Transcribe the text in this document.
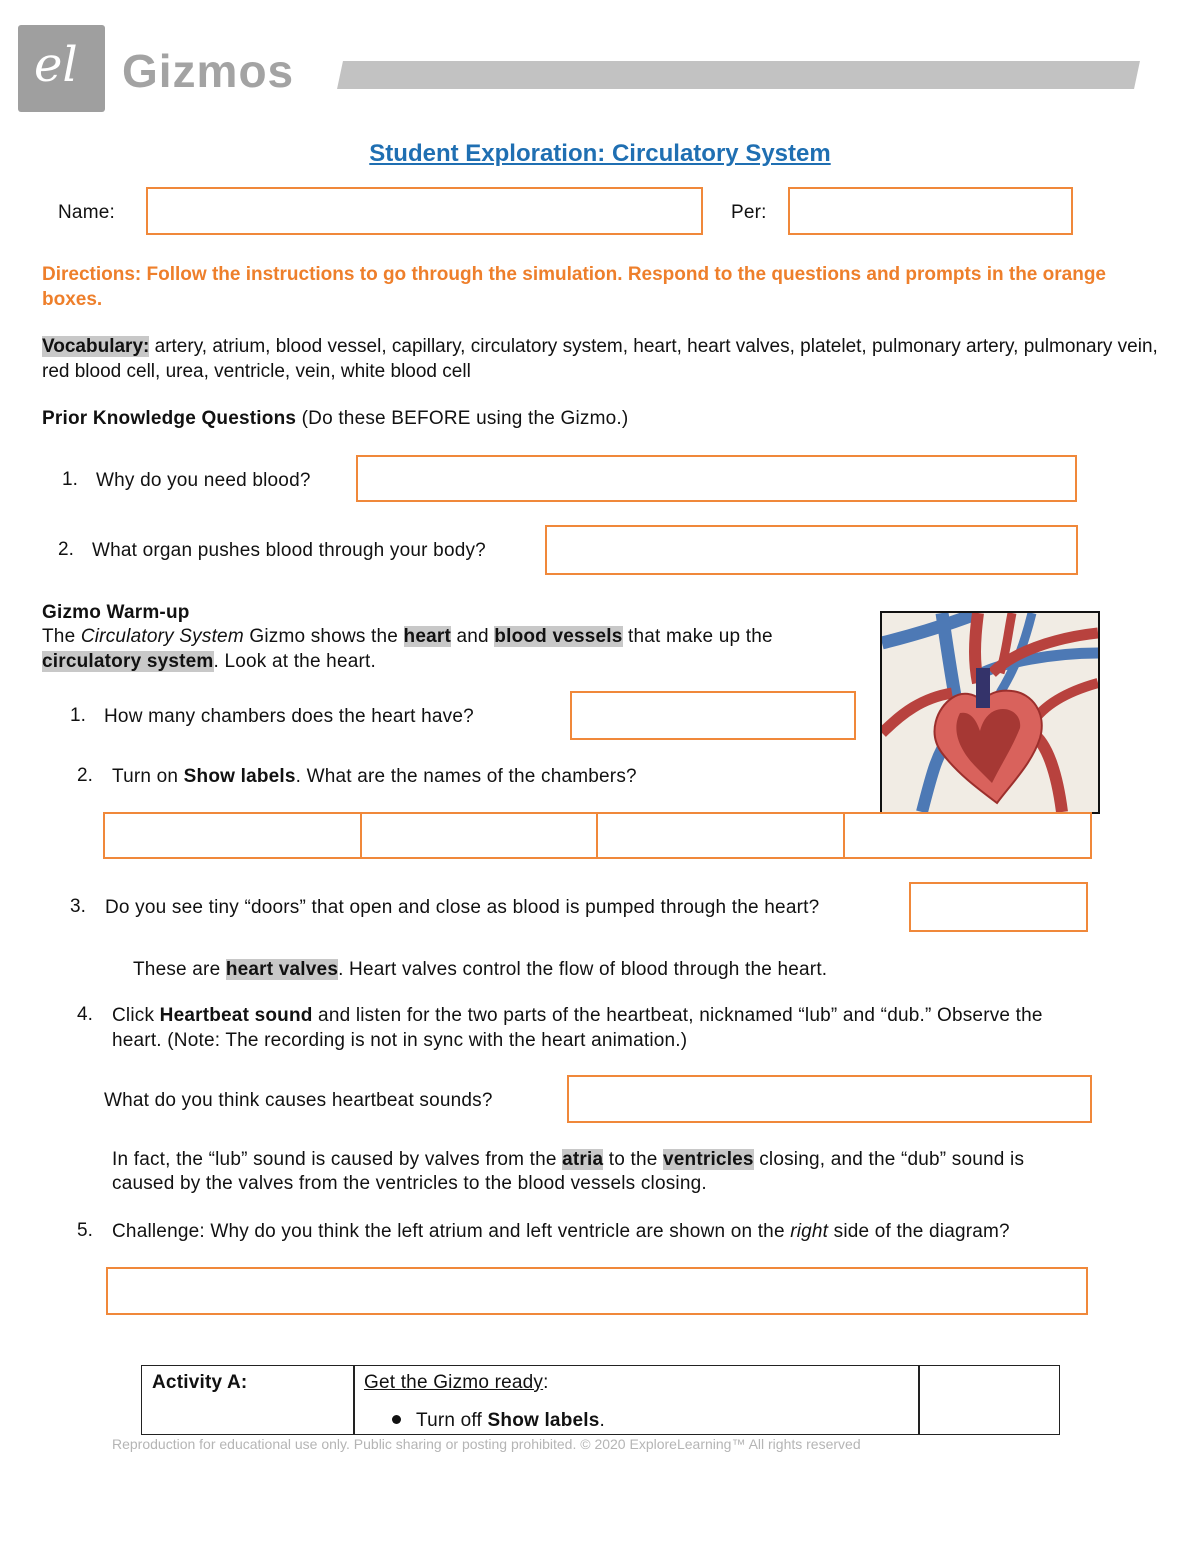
el Gizmos
Student Exploration: Circulatory System
Name:	Per:
Directions: Follow the instructions to go through the simulation. Respond to the questions and prompts in the orange boxes.
Vocabulary: artery, atrium, blood vessel, capillary, circulatory system, heart, heart valves, platelet, pulmonary artery, pulmonary vein, red blood cell, urea, ventricle, vein, white blood cell
Prior Knowledge Questions (Do these BEFORE using the Gizmo.)
1. Why do you need blood?
2. What organ pushes blood through your body?
Gizmo Warm-up
The Circulatory System Gizmo shows the heart and blood vessels that make up the
circulatory system. Look at the heart.
1. How many chambers does the heart have?
2. Turn on Show labels. What are the names of the chambers?
3. Do you see tiny “doors” that open and close as blood is pumped through the heart?
These are heart valves. Heart valves control the flow of blood through the heart.
4. Click Heartbeat sound and listen for the two parts of the heartbeat, nicknamed “lub” and “dub.” Observe the
heart. (Note: The recording is not in sync with the heart animation.)
What do you think causes heartbeat sounds?
In fact, the “lub” sound is caused by valves from the atria to the ventricles closing, and the “dub” sound is
caused by the valves from the ventricles to the blood vessels closing.
5. Challenge: Why do you think the left atrium and left ventricle are shown on the right side of the diagram?
Activity A:	Get the Gizmo ready:
Turn off Show labels.
Reproduction for educational use only. Public sharing or posting prohibited. © 2020 ExploreLearning™ All rights reserved
